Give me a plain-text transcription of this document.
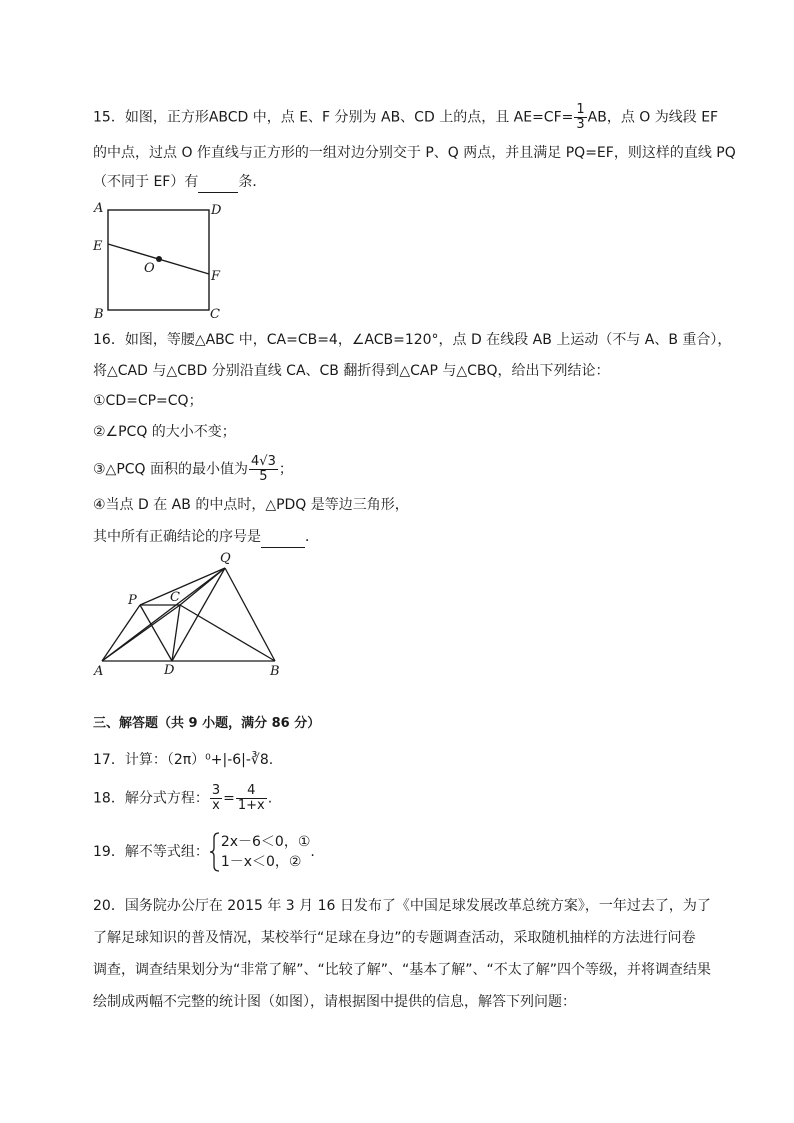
15．如图，正方形ABCD 中，点 E、F 分别为 AB、CD 上的点，且 $AE=CF= \frac{1}{3}$ AB，点 O 为线段 EF
的中点，过点 O 作直线与正方形的一组对边分别交于 P、Q 两点，并且满足 PQ=EF，则这样的直线 PQ
（不同于 EF）有	条．
A	D
E
F
O
B	C
16．如图，等腰△ABC 中，CA=CB=4，∠ACB=120°，点 D 在线段 AB 上运动（不与 A、B 重合），
将△CAD 与△CBD 分别沿直线 CA、CB 翻折得到△CAP 与△CBQ，给出下列结论：
①CD=CP=CQ；
②∠PCQ 的大小不变；
③△PCQ 面积的最小值为 $\frac{4√3}{5}$ ；
④当点 D 在 AB 的中点时，△PDQ 是等边三角形，
其中所有正确结论的序号是	．
Q
P	C
A	D	B
三、解答题（共 9 小题，满分 86 分）
17．计算：（2π）⁰+|-6|-∛8.
18．解分式方程： $\frac{3}{x} = \frac{4}{1+x}$ .
19．解不等式组：
2x－6＜0，①
1－x＜0，②
.
20．国务院办公厅在 2015 年 3 月 16 日发布了《中国足球发展改革总统方案》，一年过去了，为了
了解足球知识的普及情况，某校举行“足球在身边”的专题调查活动，采取随机抽样的方法进行问卷
调查，调查结果划分为“非常了解”、“比较了解”、“基本了解”、“不太了解”四个等级，并将调查结果
绘制成两幅不完整的统计图（如图），请根据图中提供的信息，解答下列问题：
